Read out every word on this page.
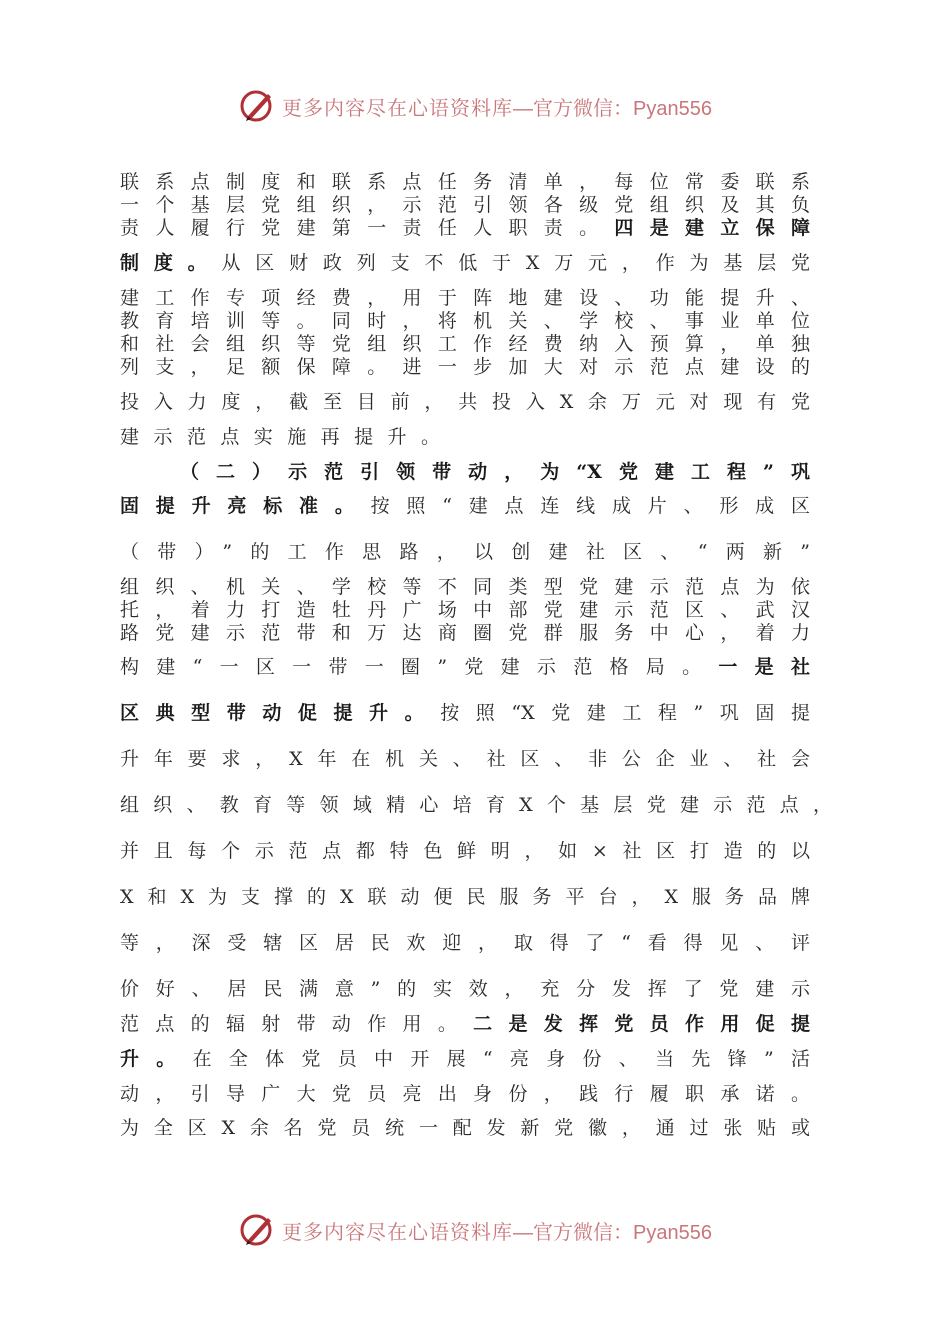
更多内容尽在心语资料库 —官方微信：Pyan556
联系点制度和联系点任务清单，每位常委联系
一个基层党组织，示范引领各级党组织及其负
责人履行党建第一责任人职责。四是建立保障
制度。从区财政列支不低于X万元，作为基层党
建工作专项经费，用于阵地建设、功能提升、
教育培训等。同时，将机关、学校、事业单位
和社会组织等党组织工作经费纳入预算，单独
列支，足额保障。进一步加大对示范点建设的
投入力度，截至目前，共投入X余万元对现有党
建示范点实施再提升。
（二）示范引领带动，为“X党建工程”巩
固提升亮标准。按照“建点连线成片、形成区
（带）”的工作思路，以创建社区、“两新”
组织、机关、学校等不同类型党建示范点为依
托，着力打造牡丹广场中部党建示范区、武汉
路党建示范带和万达商圈党群服务中心，着力
构建“一区一带一圈”党建示范格局。一是社
区典型带动促提升。按照“X党建工程”巩固提
升年要求，X年在机关、社区、非公企业、社会
组织、教育等领域精心培育X个基层党建示范点，
并且每个示范点都特色鲜明，如×社区打造的以
X和X为支撑的X联动便民服务平台，X服务品牌
等，深受辖区居民欢迎，取得了“看得见、评
价好、居民满意”的实效，充分发挥了党建示
范点的辐射带动作用。二是发挥党员作用促提
升。在全体党员中开展“亮身份、当先锋”活
动，引导广大党员亮出身份，践行履职承诺。
为全区X余名党员统一配发新党徽，通过张贴或
更多内容尽在心语资料库 —官方微信：Pyan556
